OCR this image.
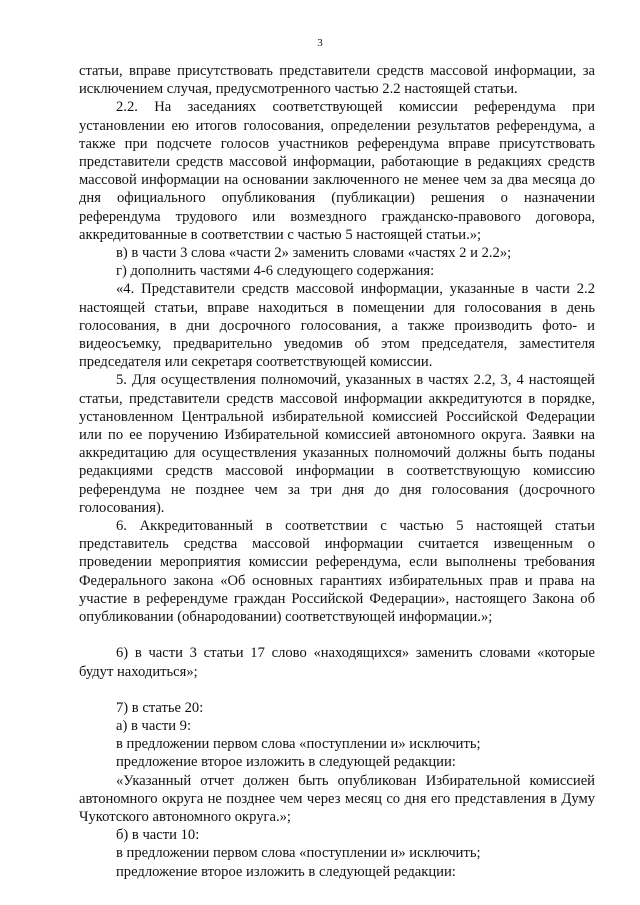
3

статьи, вправе присутствовать представители средств массовой информации, за исключением случая, предусмотренного частью 2.2 настоящей статьи.

2.2. На заседаниях соответствующей комиссии референдума при установлении ею итогов голосования, определении результатов референдума, а также при подсчете голосов участников референдума вправе присутствовать представители средств массовой информации, работающие в редакциях средств массовой информации на основании заключенного не менее чем за два месяца до дня официального опубликования (публикации) решения о назначении референдума трудового или возмездного гражданско-правового договора, аккредитованные в соответствии с частью 5 настоящей статьи.»;

в) в части 3 слова «части 2» заменить словами «частях 2 и 2.2»;

г) дополнить частями 4-6 следующего содержания:

«4. Представители средств массовой информации, указанные в части 2.2 настоящей статьи, вправе находиться в помещении для голосования в день голосования, в дни досрочного голосования, а также производить фото- и видеосъемку, предварительно уведомив об этом председателя, заместителя председателя или секретаря соответствующей комиссии.

5. Для осуществления полномочий, указанных в частях 2.2, 3, 4 настоящей статьи, представители средств массовой информации аккредитуются в порядке, установленном Центральной избирательной комиссией Российской Федерации или по ее поручению Избирательной комиссией автономного округа. Заявки на аккредитацию для осуществления указанных полномочий должны быть поданы редакциями средств массовой информации в соответствующую комиссию референдума не позднее чем за три дня до дня голосования (досрочного голосования).

6. Аккредитованный в соответствии с частью 5 настоящей статьи представитель средства массовой информации считается извещенным о проведении мероприятия комиссии референдума, если выполнены требования Федерального закона «Об основных гарантиях избирательных прав и права на участие в референдуме граждан Российской Федерации», настоящего Закона об опубликовании (обнародовании) соответствующей информации.»;

6) в части 3 статьи 17 слово «находящихся» заменить словами «которые будут находиться»;

7) в статье 20:

а) в части 9:

в предложении первом слова «поступлении и» исключить;

предложение второе изложить в следующей редакции:

«Указанный отчет должен быть опубликован Избирательной комиссией автономного округа не позднее чем через месяц со дня его представления в Думу Чукотского автономного округа.»;

б) в части 10:

в предложении первом слова «поступлении и» исключить;

предложение второе изложить в следующей редакции:
